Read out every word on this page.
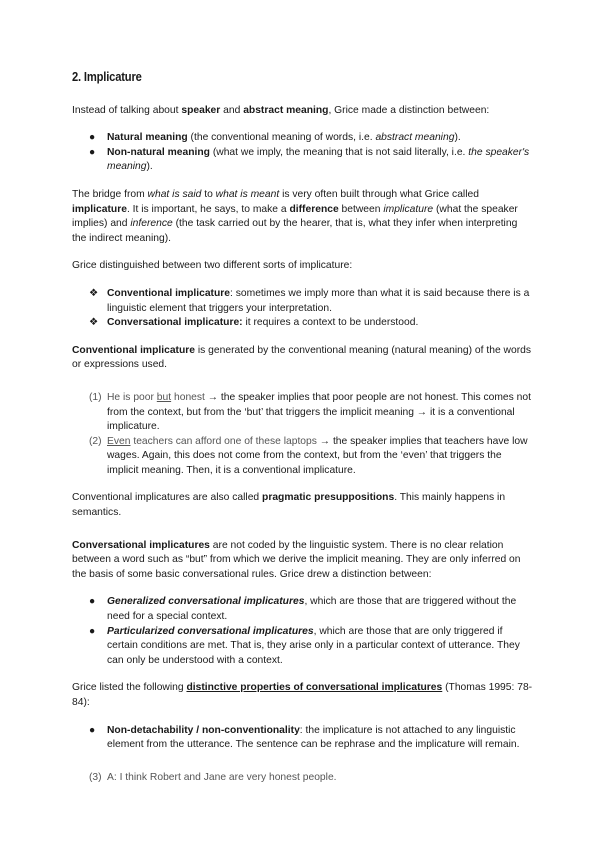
2. Implicature

Instead of talking about speaker and abstract meaning, Grice made a distinction between:

● Natural meaning (the conventional meaning of words, i.e. abstract meaning).
● Non-natural meaning (what we imply, the meaning that is not said literally, i.e. the speaker's meaning).

The bridge from what is said to what is meant is very often built through what Grice called implicature. It is important, he says, to make a difference between implicature (what the speaker implies) and inference (the task carried out by the hearer, that is, what they infer when interpreting the indirect meaning).

Grice distinguished between two different sorts of implicature:

❖ Conventional implicature: sometimes we imply more than what it is said because there is a linguistic element that triggers your interpretation.
❖ Conversational implicature: it requires a context to be understood.

Conventional implicature is generated by the conventional meaning (natural meaning) of the words or expressions used.

(1) He is poor but honest → the speaker implies that poor people are not honest. This comes not from the context, but from the ‘but’ that triggers the implicit meaning → it is a conventional implicature.
(2) Even teachers can afford one of these laptops → the speaker implies that teachers have low wages. Again, this does not come from the context, but from the ‘even’ that triggers the implicit meaning. Then, it is a conventional implicature.

Conventional implicatures are also called pragmatic presuppositions. This mainly happens in semantics.

Conversational implicatures are not coded by the linguistic system. There is no clear relation between a word such as “but” from which we derive the implicit meaning. They are only inferred on the basis of some basic conversational rules. Grice drew a distinction between:

● Generalized conversational implicatures, which are those that are triggered without the need for a special context.
● Particularized conversational implicatures, which are those that are only triggered if certain conditions are met. That is, they arise only in a particular context of utterance. They can only be understood with a context.

Grice listed the following distinctive properties of conversational implicatures (Thomas 1995: 78-84):

● Non-detachability / non-conventionality: the implicature is not attached to any linguistic element from the utterance. The sentence can be rephrase and the implicature will remain.
(3) A: I think Robert and Jane are very honest people.
